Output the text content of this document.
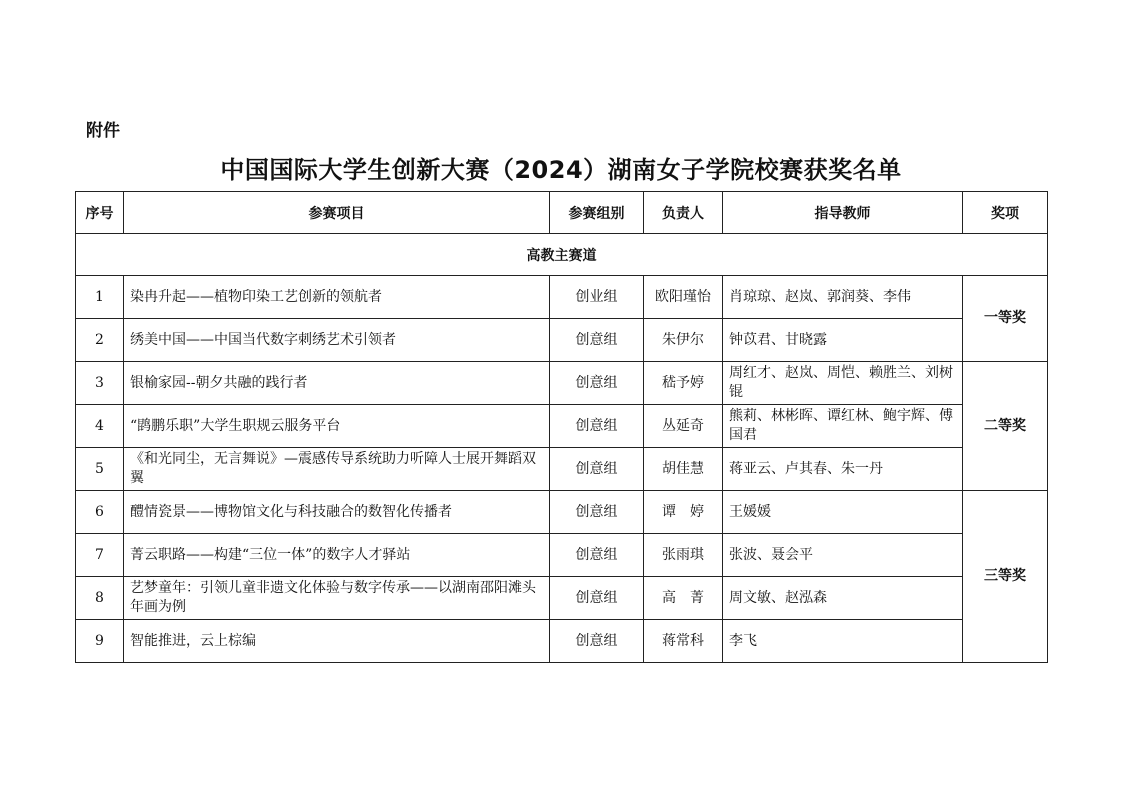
附件
中国国际大学生创新大赛（2024）湖南女子学院校赛获奖名单
序号	参赛项目	参赛组别	负责人	指导教师	奖项
高教主赛道					
1	染冉升起——植物印染工艺创新的领航者	创业组	欧阳瑾怡	肖琼琼、赵岚、郭润葵、李伟	一等奖
2	绣美中国——中国当代数字刺绣艺术引领者	创意组	朱伊尔	钟苡君、甘晓露	
3	银榆家园--朝夕共融的践行者	创意组	嵇予婷	周红才、赵岚、周恺、赖胜兰、刘树锟	二等奖
4	“鹍鹏乐职”大学生职规云服务平台	创意组	丛延奇	熊莉、林彬晖、谭红林、鲍宇辉、傅国君	
5	《和光同尘，无言舞说》—震感传导系统助力听障人士展开舞蹈双翼	创意组	胡佳慧	蒋亚云、卢其春、朱一丹	
6	醴情瓷景——博物馆文化与科技融合的数智化传播者	创意组	谭　婷	王媛媛	三等奖
7	菁云职路——构建“三位一体”的数字人才驿站	创意组	张雨琪	张波、聂会平	
8	艺梦童年：引领儿童非遗文化体验与数字传承——以湖南邵阳滩头年画为例	创意组	高　菁	周文敏、赵泓森	
9	智能推进，云上棕编	创意组	蒋常科	李飞	
